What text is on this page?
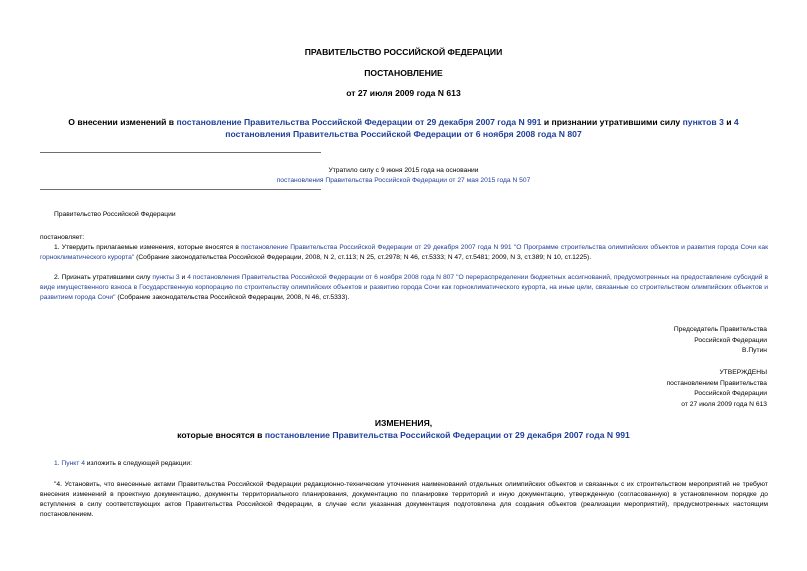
ПРАВИТЕЛЬСТВО РОССИЙСКОЙ ФЕДЕРАЦИИ
ПОСТАНОВЛЕНИЕ
от 27 июля 2009 года N 613
О внесении изменений в постановление Правительства Российской Федерации от 29 декабря 2007 года N 991 и признании утратившими силу пунктов 3 и 4 постановления Правительства Российской Федерации от 6 ноября 2008 года N 807
Утратило силу с 9 июня 2015 года на основании
постановления Правительства Российской Федерации от 27 мая 2015 года N 507
Правительство Российской Федерации
постановляет:
1. Утвердить прилагаемые изменения, которые вносятся в постановление Правительства Российской Федерации от 29 декабря 2007 года N 991 "О Программе строительства олимпийских объектов и развития города Сочи как горноклиматического курорта" (Собрание законодательства Российской Федерации, 2008, N 2, ст.113; N 25, ст.2978; N 46, ст.5333; N 47, ст.5481; 2009, N 3, ст.389; N 10, ст.1225).
2. Признать утратившими силу пункты 3 и 4 постановления Правительства Российской Федерации от 6 ноября 2008 года N 807 "О перераспределении бюджетных ассигнований, предусмотренных на предоставление субсидий в виде имущественного взноса в Государственную корпорацию по строительству олимпийских объектов и развитию города Сочи как горноклиматического курорта, на иные цели, связанные со строительством олимпийских объектов и развитием города Сочи" (Собрание законодательства Российской Федерации, 2008, N 46, ст.5333).
Председатель Правительства
Российской Федерации
В.Путин
УТВЕРЖДЕНЫ
постановлением Правительства
Российской Федерации
от 27 июля 2009 года N 613
ИЗМЕНЕНИЯ,
которые вносятся в постановление Правительства Российской Федерации от 29 декабря 2007 года N 991
1. Пункт 4 изложить в следующей редакции:
"4. Установить, что внесенные актами Правительства Российской Федерации редакционно-технические уточнения наименований отдельных олимпийских объектов и связанных с их строительством мероприятий не требуют внесения изменений в проектную документацию, документы территориального планирования, документацию по планировке территорий и иную документацию, утвержденную (согласованную) в установленном порядке до вступления в силу соответствующих актов Правительства Российской Федерации, в случае если указанная документация подготовлена для создания объектов (реализации мероприятий), предусмотренных настоящим постановлением.
